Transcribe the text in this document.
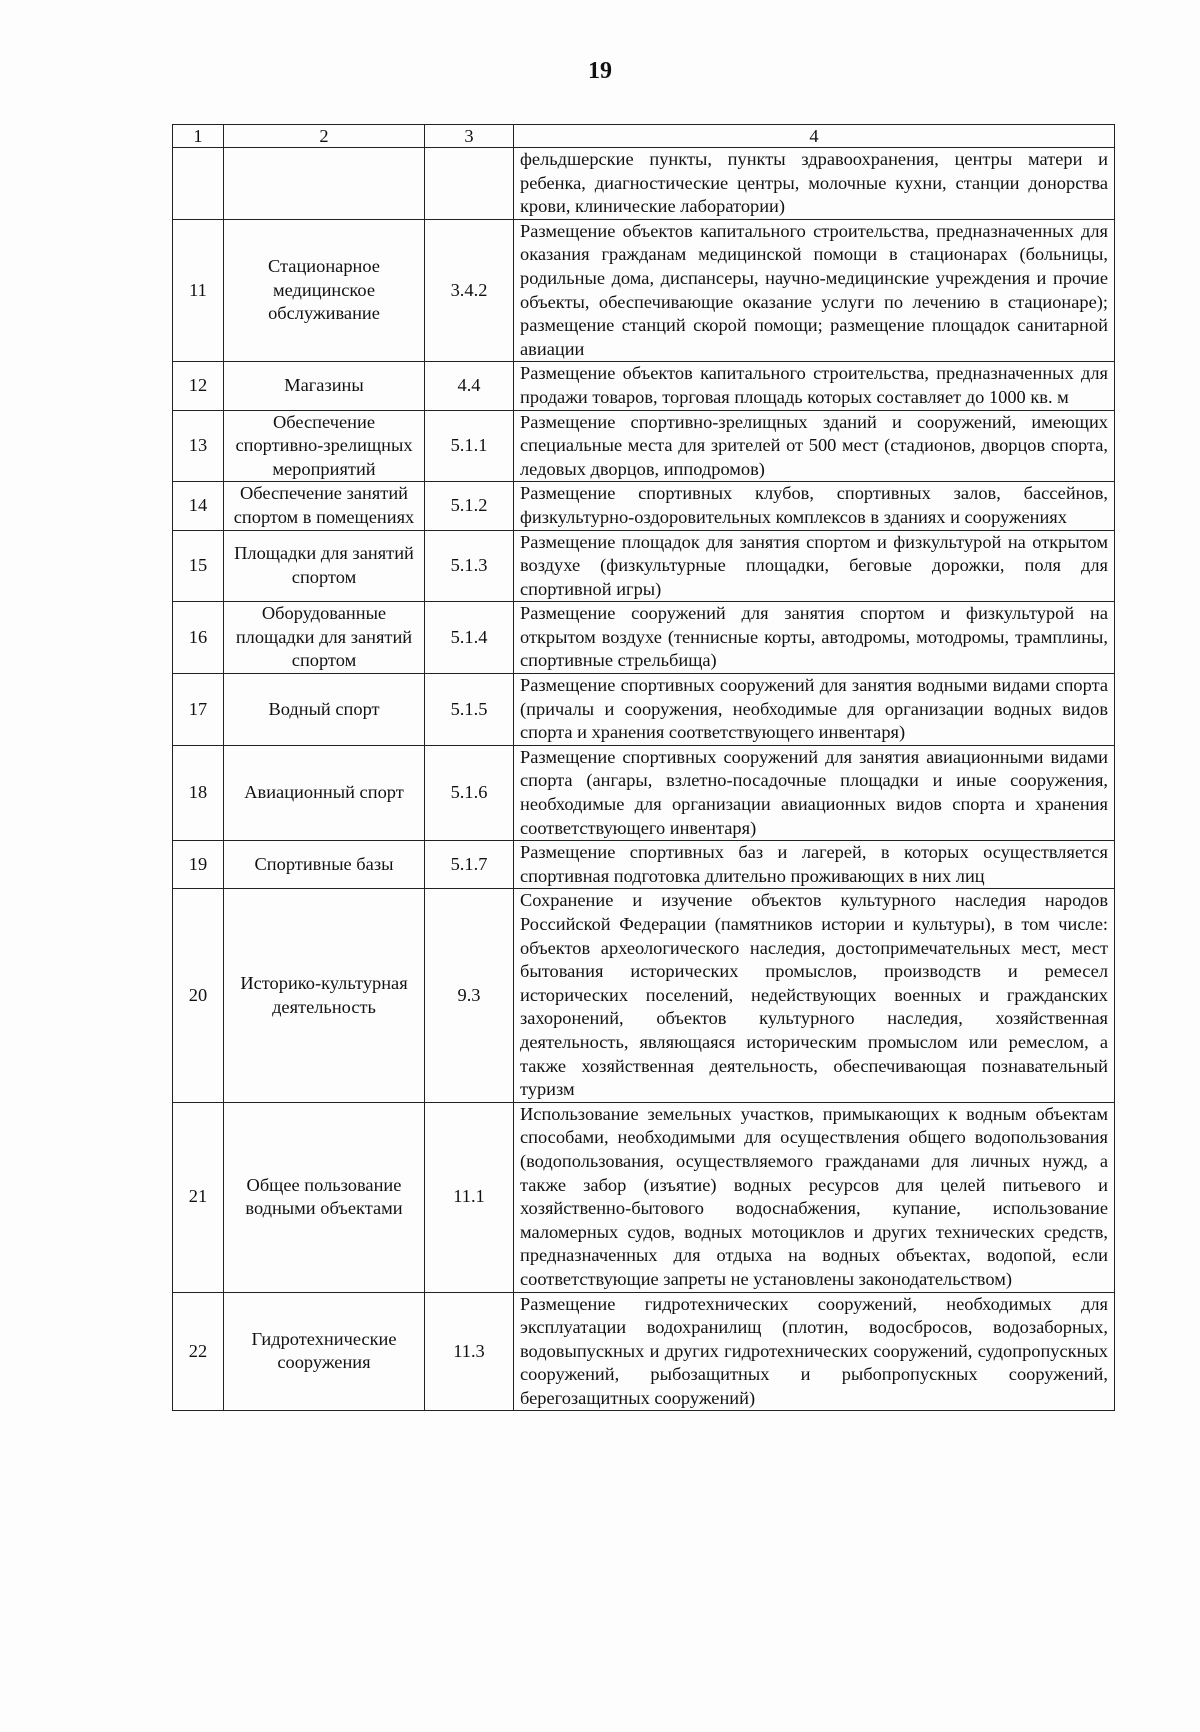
19
1	2	3	4
			фельдшерские пункты, пункты здравоохранения, центры матери и ребенка, диагностические центры, молочные кухни, станции донорства крови, клинические лаборатории)
11	Стационарное медицинское обслуживание	3.4.2	Размещение объектов капитального строительства, предназначенных для оказания гражданам медицинской помощи в стационарах (больницы, родильные дома, диспансеры, научно-медицинские учреждения и прочие объекты, обеспечивающие оказание услуги по лечению в стационаре); размещение станций скорой помощи; размещение площадок санитарной авиации
12	Магазины	4.4	Размещение объектов капитального строительства, предназначенных для продажи товаров, торговая площадь которых составляет до 1000 кв. м
13	Обеспечение спортивно-зрелищных мероприятий	5.1.1	Размещение спортивно-зрелищных зданий и сооружений, имеющих специальные места для зрителей от 500 мест (стадионов, дворцов спорта, ледовых дворцов, ипподромов)
14	Обеспечение занятий спортом в помещениях	5.1.2	Размещение спортивных клубов, спортивных залов, бассейнов, физкультурно-оздоровительных комплексов в зданиях и сооружениях
15	Площадки для занятий спортом	5.1.3	Размещение площадок для занятия спортом и физкультурой на открытом воздухе (физкультурные площадки, беговые дорожки, поля для спортивной игры)
16	Оборудованные площадки для занятий спортом	5.1.4	Размещение сооружений для занятия спортом и физкультурой на открытом воздухе (теннисные корты, автодромы, мотодромы, трамплины, спортивные стрельбища)
17	Водный спорт	5.1.5	Размещение спортивных сооружений для занятия водными видами спорта (причалы и сооружения, необходимые для организации водных видов спорта и хранения соответствующего инвентаря)
18	Авиационный спорт	5.1.6	Размещение спортивных сооружений для занятия авиационными видами спорта (ангары, взлетно-посадочные площадки и иные сооружения, необходимые для организации авиационных видов спорта и хранения соответствующего инвентаря)
19	Спортивные базы	5.1.7	Размещение спортивных баз и лагерей, в которых осуществляется спортивная подготовка длительно проживающих в них лиц
20	Историко-культурная деятельность	9.3	Сохранение и изучение объектов культурного наследия народов Российской Федерации (памятников истории и культуры), в том числе: объектов археологического наследия, достопримечательных мест, мест бытования исторических промыслов, производств и ремесел исторических поселений, недействующих военных и гражданских захоронений, объектов культурного наследия, хозяйственная деятельность, являющаяся историческим промыслом или ремеслом, а также хозяйственная деятельность, обеспечивающая познавательный туризм
21	Общее пользование водными объектами	11.1	Использование земельных участков, примыкающих к водным объектам способами, необходимыми для осуществления общего водопользования (водопользования, осуществляемого гражданами для личных нужд, а также забор (изъятие) водных ресурсов для целей питьевого и хозяйственно-бытового водоснабжения, купание, использование маломерных судов, водных мотоциклов и других технических средств, предназначенных для отдыха на водных объектах, водопой, если соответствующие запреты не установлены законодательством)
22	Гидротехнические сооружения	11.3	Размещение гидротехнических сооружений, необходимых для эксплуатации водохранилищ (плотин, водосбросов, водозаборных, водовыпускных и других гидротехнических сооружений, судопропускных сооружений, рыбозащитных и рыбопропускных сооружений, берегозащитных сооружений)
